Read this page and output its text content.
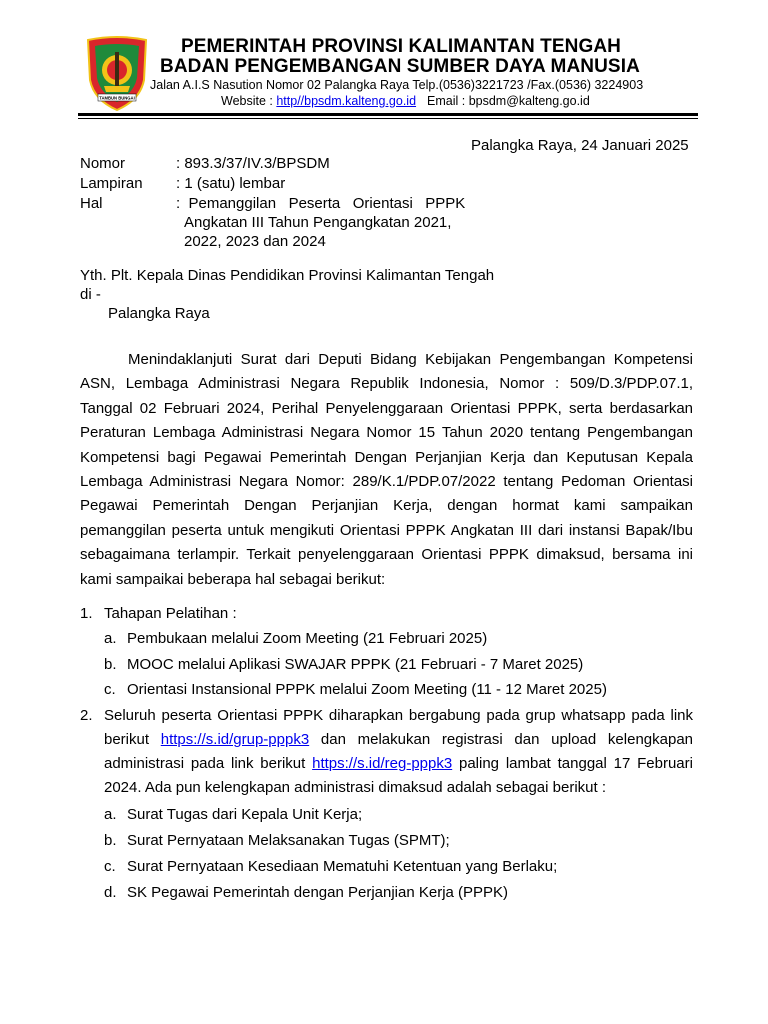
TAMBUN BUNGAI
PEMERINTAH PROVINSI KALIMANTAN TENGAH
BADAN PENGEMBANGAN SUMBER DAYA MANUSIA
Jalan A.I.S Nasution Nomor 02 Palangka Raya Telp.(0536)3221723 /Fax.(0536) 3224903
Website : http//bpsdm.kalteng.go.id Email : bpsdm@kalteng.go.id
Palangka Raya, 24 Januari 2025
Nomor	: 893.3/37/IV.3/BPSDM
Lampiran : 1 (satu) lembar
Hal	:  Pemanggilan   Peserta   Orientasi   PPPK
Angkatan III Tahun Pengangkatan 2021,
2022, 2023 dan 2024
Yth. Plt. Kepala Dinas Pendidikan Provinsi Kalimantan Tengah
di -
Palangka Raya
Menindaklanjuti Surat dari Deputi Bidang Kebijakan Pengembangan Kompetensi ASN, Lembaga Administrasi Negara Republik Indonesia, Nomor : 509/D.3/PDP.07.1, Tanggal 02 Februari 2024, Perihal Penyelenggaraan Orientasi PPPK, serta berdasarkan Peraturan Lembaga Administrasi Negara Nomor 15 Tahun 2020 tentang Pengembangan Kompetensi bagi Pegawai Pemerintah Dengan Perjanjian Kerja dan Keputusan Kepala Lembaga Administrasi Negara Nomor: 289/K.1/PDP.07/2022 tentang Pedoman Orientasi Pegawai Pemerintah Dengan Perjanjian Kerja, dengan hormat kami sampaikan pemanggilan peserta untuk mengikuti Orientasi PPPK Angkatan III dari instansi Bapak/Ibu sebagaimana terlampir. Terkait penyelenggaraan Orientasi PPPK dimaksud, bersama ini kami sampaikai beberapa hal sebagai berikut:
1. Tahapan Pelatihan :
a. Pembukaan melalui Zoom Meeting (21 Februari 2025)
b. MOOC melalui Aplikasi SWAJAR PPPK (21 Februari - 7 Maret 2025)
c. Orientasi Instansional PPPK melalui Zoom Meeting (11 - 12 Maret 2025)
2. Seluruh peserta Orientasi PPPK diharapkan bergabung pada grup whatsapp pada link berikut https://s.id/grup-pppk3 dan melakukan registrasi dan upload kelengkapan administrasi pada link berikut https://s.id/reg-pppk3 paling lambat tanggal 17 Februari 2024. Ada pun kelengkapan administrasi dimaksud adalah sebagai berikut :
a. Surat Tugas dari Kepala Unit Kerja;
b. Surat Pernyataan Melaksanakan Tugas (SPMT);
c. Surat Pernyataan Kesediaan Mematuhi Ketentuan yang Berlaku;
d. SK Pegawai Pemerintah dengan Perjanjian Kerja (PPPK)
